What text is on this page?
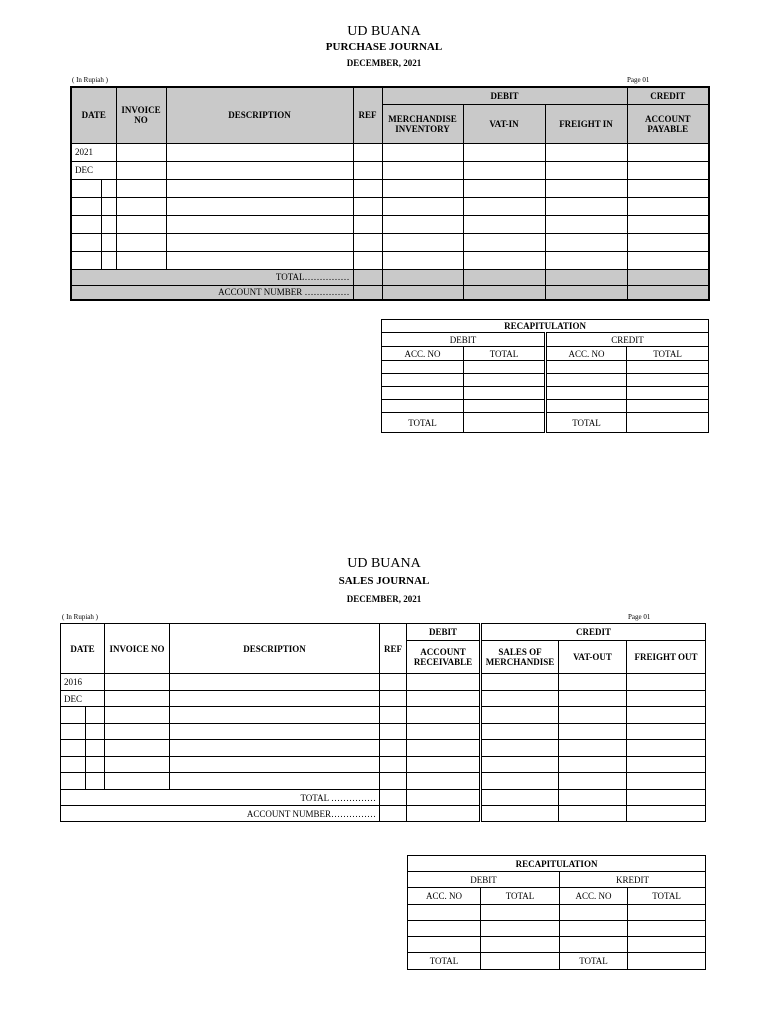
UD BUANA
PURCHASE JOURNAL
DECEMBER, 2021
( In Rupiah )	Page 01
DATE		INVOICE NO	DESCRIPTION	REF	DEBIT			CREDIT
					MERCHANDISE INVENTORY	VAT-IN	FREIGHT IN	ACCOUNT PAYABLE
2021								
DEC								

TOTAL……………								
ACCOUNT NUMBER ……………								
RECAPITULATION			
DEBIT		CREDIT	
ACC. NO	TOTAL	ACC. NO	TOTAL

TOTAL		TOTAL	
UD BUANA
SALES JOURNAL
DECEMBER, 2021
( In Rupiah )	Page 01
DATE		INVOICE NO	DESCRIPTION	REF	DEBIT	CREDIT		
					ACCOUNT RECEIVABLE	SALES OF MERCHANDISE	VAT-OUT	FREIGHT OUT
2016								
DEC								

TOTAL ……………								
ACCOUNT NUMBER……………								
RECAPITULATION			
DEBIT		KREDIT	
ACC. NO	TOTAL	ACC. NO	TOTAL

TOTAL		TOTAL	
